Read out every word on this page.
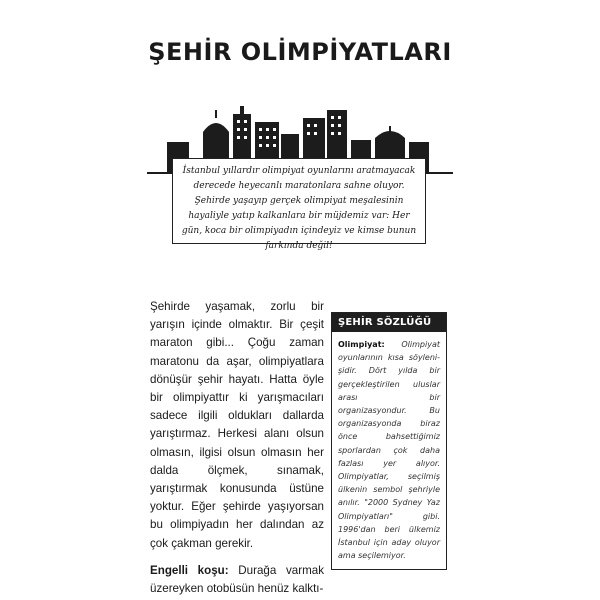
ŞEHİR OLİMPİYATLARI

İstanbul yıllardır olimpiyat oyunlarını aratmayacak derecede heyecanlı maratonlara sahne oluyor. Şehirde yaşayıp gerçek olimpiyat meşalesinin hayaliyle yatıp kalkanlara bir müjdemiz var: Her gün, koca bir olimpiyadın içindeyiz ve kimse bunun farkında değil!

Şehirde yaşamak, zorlu bir yarışın içinde olmaktır. Bir çeşit maraton gibi... Çoğu zaman maratonu da aşar, olimpiyatlara dönüşür şehir hayatı. Hatta öyle bir olimpiyattır ki yarışmacıları sadece ilgili oldukları dallarda yarıştırmaz. Herkesi alanı olsun olmasın, ilgisi olsun olmasın her dalda ölçmek, sınamak, yarıştırmak konusunda üstüne yoktur. Eğer şehirde yaşıyorsan bu olimpiyadın her dalından az çok çakman gerekir.

Engelli koşu: Durağa varmak üzereyken otobüsün henüz kalktı-

ŞEHİR SÖZLÜĞÜ

Olimpiyat: Olimpiyat oyunlarının kısa söylenişidir. Dört yılda bir gerçekleştirilen uluslar arası bir organizasyondur. Bu organizasyonda biraz önce bahsettiğimiz sporlardan çok daha fazlası yer alıyor. Olimpiyatlar, seçilmiş ülkenin sembol şehriyle anılır. "2000 Sydney Yaz Olimpiyatları" gibi. 1996'dan beri ülkemiz İstanbul için aday oluyor ama seçilemiyor.
